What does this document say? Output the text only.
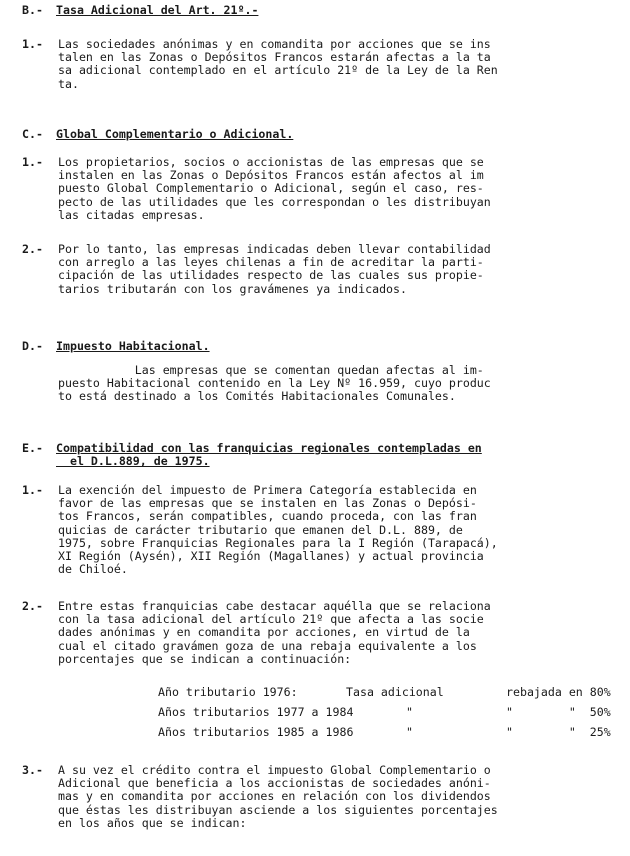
B.- Tasa Adicional del Art. 21º.-
1.-	Las sociedades anónimas y en comandita por acciones que se ins
talen en las Zonas o Depósitos Francos estarán afectas a la ta
sa adicional contemplado en el artículo 21º de la Ley de la Ren
ta.
C.- Global Complementario o Adicional.
1.-	Los propietarios, socios o accionistas de las empresas que se
instalen en las Zonas o Depósitos Francos están afectos al im
puesto Global Complementario o Adicional, según el caso, res-
pecto de las utilidades que les correspondan o les distribuyan
las citadas empresas.
2.-	Por lo tanto, las empresas indicadas deben llevar contabilidad
con arreglo a las leyes chilenas a fin de acreditar la parti-
cipación de las utilidades respecto de las cuales sus propie-
tarios tributarán con los gravámenes ya indicados.
D.- Impuesto Habitacional.
Las empresas que se comentan quedan afectas al im-
puesto Habitacional contenido en la Ley Nº 16.959, cuyo produc
to está destinado a los Comités Habitacionales Comunales.
E.-	Compatibilidad con las franquicias regionales contempladas en
el D.L.889, de 1975.
1.-	La exención del impuesto de Primera Categoría establecida en
favor de las empresas que se instalen en las Zonas o Depósi-
tos Francos, serán compatibles, cuando proceda, con las fran
quicias de carácter tributario que emanen del D.L. 889, de
1975, sobre Franquicias Regionales para la I Región (Tarapacá),
XI Región (Aysén), XII Región (Magallanes) y actual provincia
de Chiloé.
2.-	Entre estas franquicias cabe destacar aquélla que se relaciona
con la tasa adicional del artículo 21º que afecta a las socie
dades anónimas y en comandita por acciones, en virtud de la
cual el citado gravámen goza de una rebaja equivalente a los
porcentajes que se indican a continuación:
Año tributario 1976:	Tasa adicional	rebajada en 80%
Años tributarios 1977 a 1984	"	"        "  50%
Años tributarios 1985 a 1986	"	"        "  25%
3.-	A su vez el crédito contra el impuesto Global Complementario o
Adicional que beneficia a los accionistas de sociedades anóni-
mas y en comandita por acciones en relación con los dividendos
que éstas les distribuyan asciende a los siguientes porcentajes
en los años que se indican:
